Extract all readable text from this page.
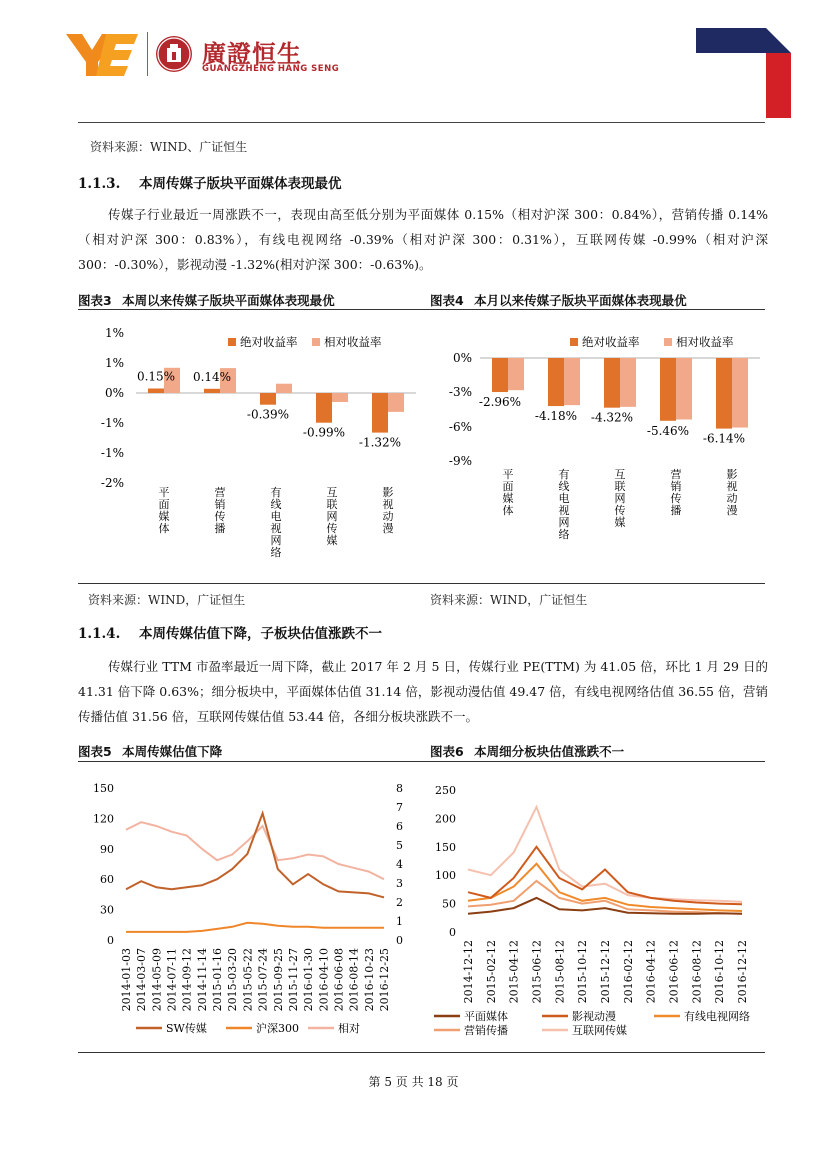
廣證恒生
GUANGZHENG HANG SENG
资料来源：WIND、广证恒生
1.1.3. 本周传媒子版块平面媒体表现最优
传媒子行业最近一周涨跌不一，表现由高至低分别为平面媒体 0.15%（相对沪深 300：0.84%），营销传播 0.14%（相对沪深 300：0.83%），有线电视网络 -0.39%（相对沪深 300：0.31%），互联网传媒 -0.99%（相对沪深 300：-0.30%），影视动漫 -1.32%(相对沪深 300：-0.63%)。
图表3 本周以来传媒子版块平面媒体表现最优	图表4 本月以来传媒子版块平面媒体表现最优
1%
1%
0%
-1%
-1%
-2%
绝对收益率 相对收益率
0.15% 0.14%
-0.39%
-0.99%
-1.32%
平面媒体
营销传播
有线电视网络
互联网传媒
影视动漫
0%
-3%
-6%
-9%
绝对收益率	相对收益率
-2.96%
-4.18% -4.32%
-5.46%
-6.14%
平面媒体
有线电视网络
互联网传媒
营销传播
影视动漫
资料来源：WIND，广证恒生	资料来源：WIND，广证恒生
1.1.4. 本周传媒估值下降，子板块估值涨跌不一
传媒行业 TTM 市盈率最近一周下降，截止 2017 年 2 月 5 日，传媒行业 PE(TTM) 为 41.05 倍，环比 1 月 29 日的 41.31 倍下降 0.63%；细分板块中，平面媒体估值 31.14 倍，影视动漫估值 49.47 倍，有线电视网络估值 36.55 倍，营销传播估值 31.56 倍，互联网传媒估值 53.44 倍，各细分板块涨跌不一。
图表5 本周传媒估值下降	图表6 本周细分板块估值涨跌不一
150
120
90
60
30
0
8
7
6
5
4
3
2
1
0
2014-01-03 2014-03-07 2014-05-09 2014-07-11 2014-09-12 2014-11-14 2015-01-16 2015-03-20 2015-05-22 2015-07-24 2015-09-25 2015-11-27 2016-01-30 2016-04-10 2016-06-08 2016-08-14 2016-10-23 2016-12-25
SW传媒	沪深300	相对
250
200
150
100
50
0
2014-12-12 2015-02-12 2015-04-12 2015-06-12 2015-08-12 2015-10-12 2015-12-12 2016-02-12 2016-04-12 2016-06-12 2016-08-12 2016-10-12 2016-12-12
平面媒体	影视动漫	有线电视网络
营销传播	互联网传媒
第 5 页 共 18 页
